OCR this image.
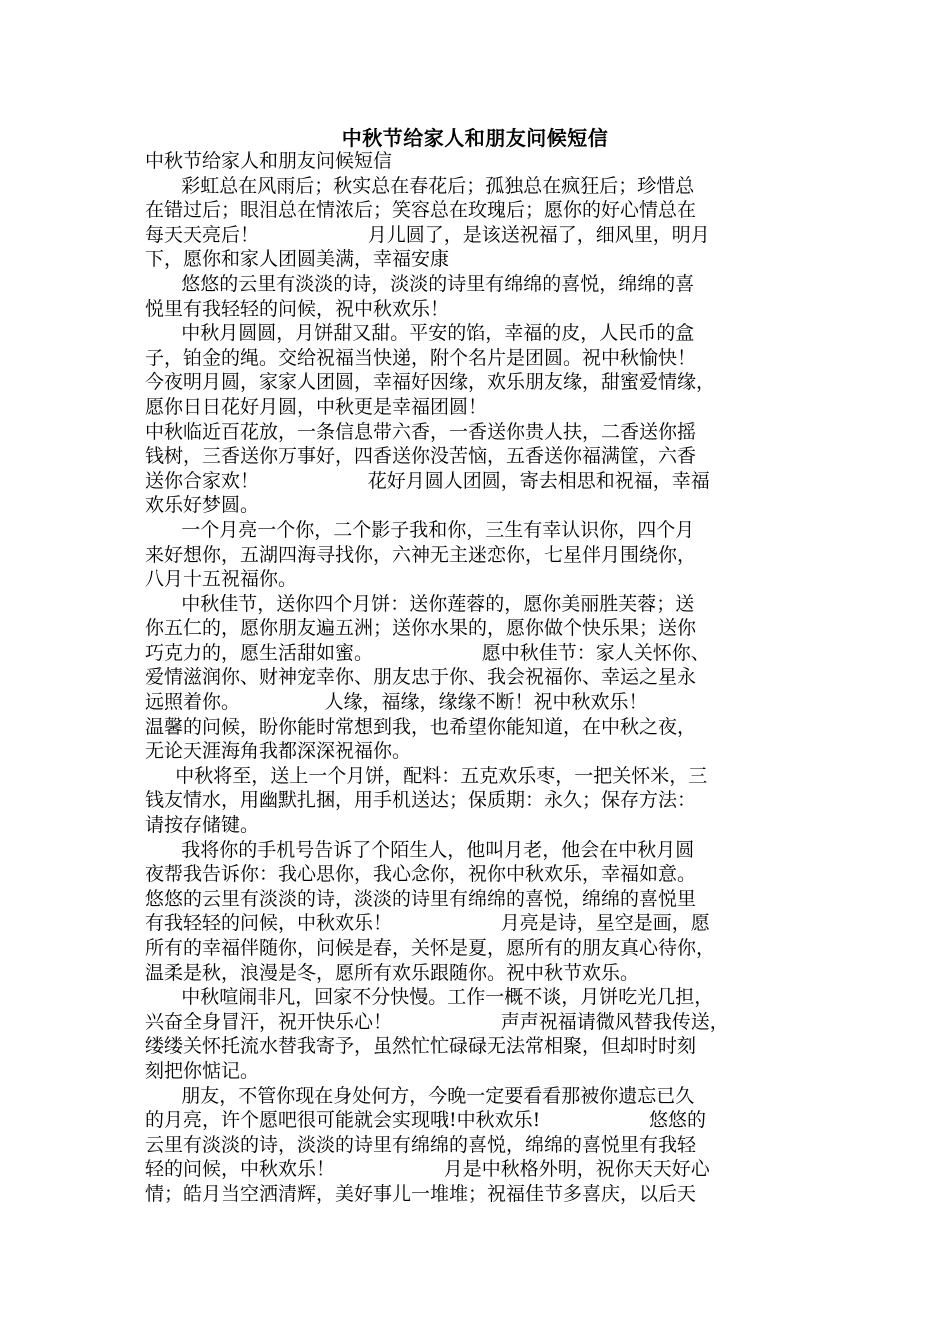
中秋节给家人和朋友问候短信
中秋节给家人和朋友问候短信
彩虹总在风雨后；秋实总在春花后；孤独总在疯狂后；珍惜总
在错过后；眼泪总在情浓后；笑容总在玫瑰后；愿你的好心情总在
每天天亮后！                  月儿圆了，是该送祝福了，细风里，明月
下，愿你和家人团圆美满，幸福安康
悠悠的云里有淡淡的诗，淡淡的诗里有绵绵的喜悦，绵绵的喜
悦里有我轻轻的问候，祝中秋欢乐！
中秋月圆圆，月饼甜又甜。平安的馅，幸福的皮，人民币的盒
子，铂金的绳。交给祝福当快递，附个名片是团圆。祝中秋愉快！
今夜明月圆，家家人团圆，幸福好因缘，欢乐朋友缘，甜蜜爱情缘，
愿你日日花好月圆，中秋更是幸福团圆！
中秋临近百花放，一条信息带六香，一香送你贵人扶，二香送你摇
钱树，三香送你万事好，四香送你没苦恼，五香送你福满筐，六香
送你合家欢！                  花好月圆人团圆，寄去相思和祝福，幸福
欢乐好梦圆。
一个月亮一个你，二个影子我和你，三生有幸认识你，四个月
来好想你，五湖四海寻找你，六神无主迷恋你，七星伴月围绕你，
八月十五祝福你。
中秋佳节，送你四个月饼：送你莲蓉的，愿你美丽胜芙蓉；送
你五仁的，愿你朋友遍五洲；送你水果的，愿你做个快乐果；送你
巧克力的，愿生活甜如蜜。                  愿中秋佳节：家人关怀你、
爱情滋润你、财神宠幸你、朋友忠于你、我会祝福你、幸运之星永
远照着你。              人缘，福缘，缘缘不断！祝中秋欢乐！
温馨的问候，盼你能时常想到我，也希望你能知道，在中秋之夜，
无论天涯海角我都深深祝福你。
中秋将至，送上一个月饼，配料：五克欢乐枣，一把关怀米，三
钱友情水，用幽默扎捆，用手机送达；保质期：永久；保存方法：
请按存储键。
我将你的手机号告诉了个陌生人，他叫月老，他会在中秋月圆
夜帮我告诉你：我心思你，我心念你，祝你中秋欢乐，幸福如意。
悠悠的云里有淡淡的诗，淡淡的诗里有绵绵的喜悦，绵绵的喜悦里
有我轻轻的问候，中秋欢乐！                  月亮是诗，星空是画，愿
所有的幸福伴随你，问候是春，关怀是夏，愿所有的朋友真心待你，
温柔是秋，浪漫是冬，愿所有欢乐跟随你。祝中秋节欢乐。
中秋喧闹非凡，回家不分快慢。工作一概不谈，月饼吃光几担，
兴奋全身冒汗，祝开快乐心！                  声声祝福请微风替我传送，
缕缕关怀托流水替我寄予，虽然忙忙碌碌无法常相聚，但却时时刻
刻把你惦记。
朋友，不管你现在身处何方，今晚一定要看看那被你遗忘已久
的月亮，许个愿吧很可能就会实现哦!中秋欢乐!                  悠悠的
云里有淡淡的诗，淡淡的诗里有绵绵的喜悦，绵绵的喜悦里有我轻
轻的问候，中秋欢乐！                  月是中秋格外明，祝你天天好心
情；皓月当空洒清辉，美好事儿一堆堆；祝福佳节多喜庆，以后天
